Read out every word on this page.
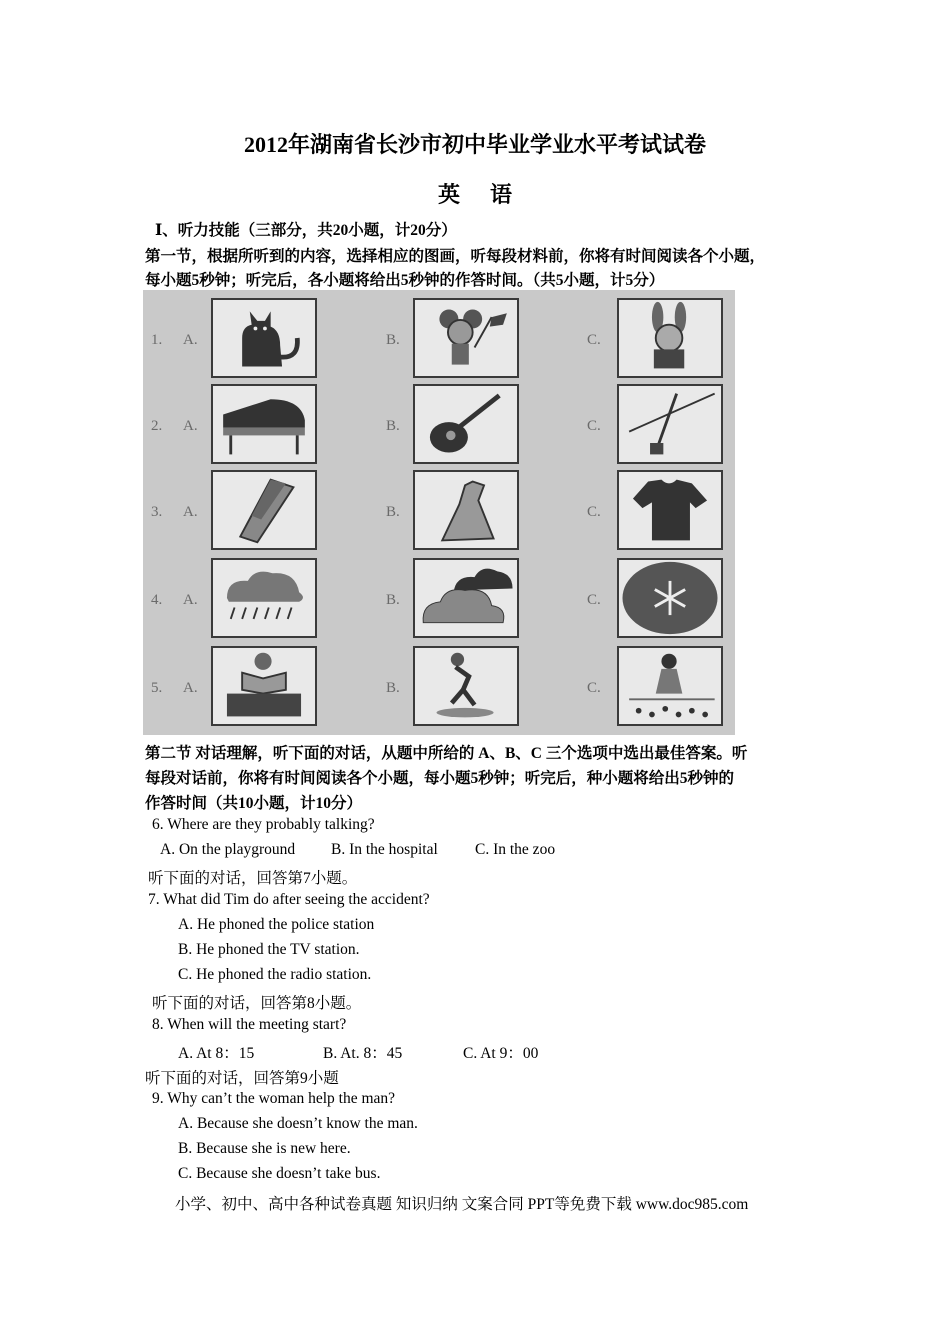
2012年湖南省长沙市初中毕业学业水平考试试卷
英语
Ⅰ、听力技能（三部分，共20小题，计20分）
第一节，根据所听到的内容，选择相应的图画，听每段材料前，你将有时间阅读各个小题，
每小题5秒钟；听完后，各小题将给出5秒钟的作答时间。（共5小题，计5分）
1. A.	B.	C.
2. A.	B.	C.
3. A.	B.	C.
4. A.	B.	C.
5. A.	B.	C.
第二节 对话理解，听下面的对话，从题中所给的 A、B、C 三个选项中选出最佳答案。听
每段对话前，你将有时间阅读各个小题，每小题5秒钟；听完后，种小题将给出5秒钟的
作答时间（共10小题，计10分）
6. Where are they probably talking?
A. On the playground B. In the hospital C. In the zoo
听下面的对话，回答第7小题。
7. What did Tim do after seeing the accident?
A. He phoned the police station
B. He phoned the TV station.
C. He phoned the radio station.
听下面的对话，回答第8小题。
8. When will the meeting start?
A. At 8：15	B. At. 8：45	C. At 9：00
听下面的对话，回答第9小题
9. Why can’t the woman help the man?
A. Because she doesn’t know the man.
B. Because she is new here.
C. Because she doesn’t take bus.
小学、初中、高中各种试卷真题 知识归纳 文案合同 PPT等免费下载 www.doc985.com
